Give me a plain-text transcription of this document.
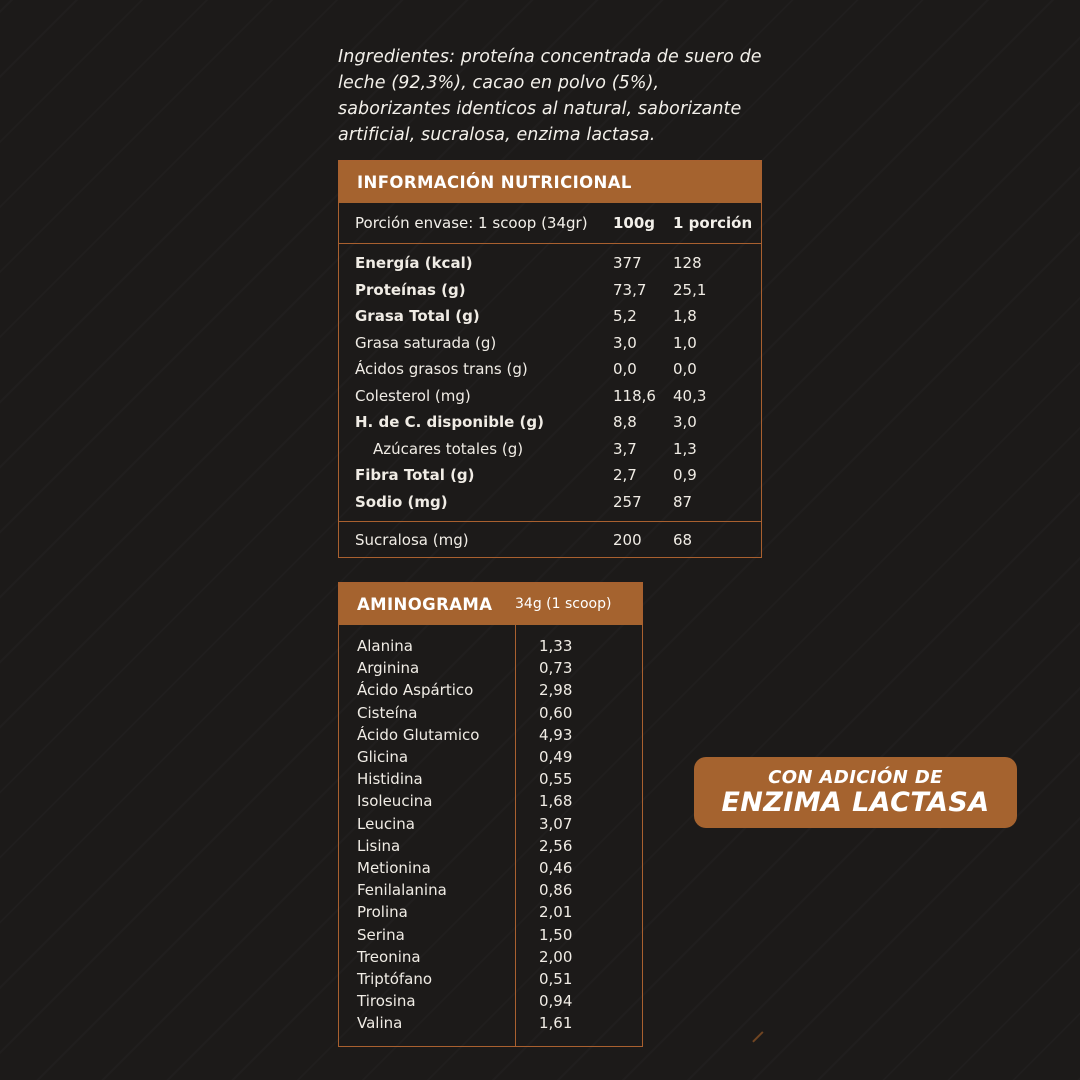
Ingredientes: proteína concentrada de suero de leche (92,3%), cacao en polvo (5%), saborizantes identicos al natural, saborizante artificial, sucralosa, enzima lactasa.
INFORMACIÓN NUTRICIONAL
Porción envase: 1 scoop (34gr)	100g	1 porción
Energía (kcal)	377	128
Proteínas (g)	73,7	25,1
Grasa Total (g)	5,2	1,8
Grasa saturada (g)	3,0	1,0
Ácidos grasos trans (g)	0,0	0,0
Colesterol (mg)	118,6	40,3
H. de C. disponible (g)	8,8	3,0
Azúcares totales (g)	3,7	1,3
Fibra Total (g)	2,7	0,9
Sodio (mg)	257	87
Sucralosa (mg)	200	68
AMINOGRAMA	34g (1 scoop)
Alanina	1,33
Arginina	0,73
Ácido Aspártico	2,98
Cisteína	0,60
Ácido Glutamico	4,93
Glicina	0,49
Histidina	0,55
Isoleucina	1,68
Leucina	3,07
Lisina	2,56
Metionina	0,46
Fenilalanina	0,86
Prolina	2,01
Serina	1,50
Treonina	2,00
Triptófano	0,51
Tirosina	0,94
Valina	1,61
CON ADICIÓN DE
ENZIMA LACTASA
